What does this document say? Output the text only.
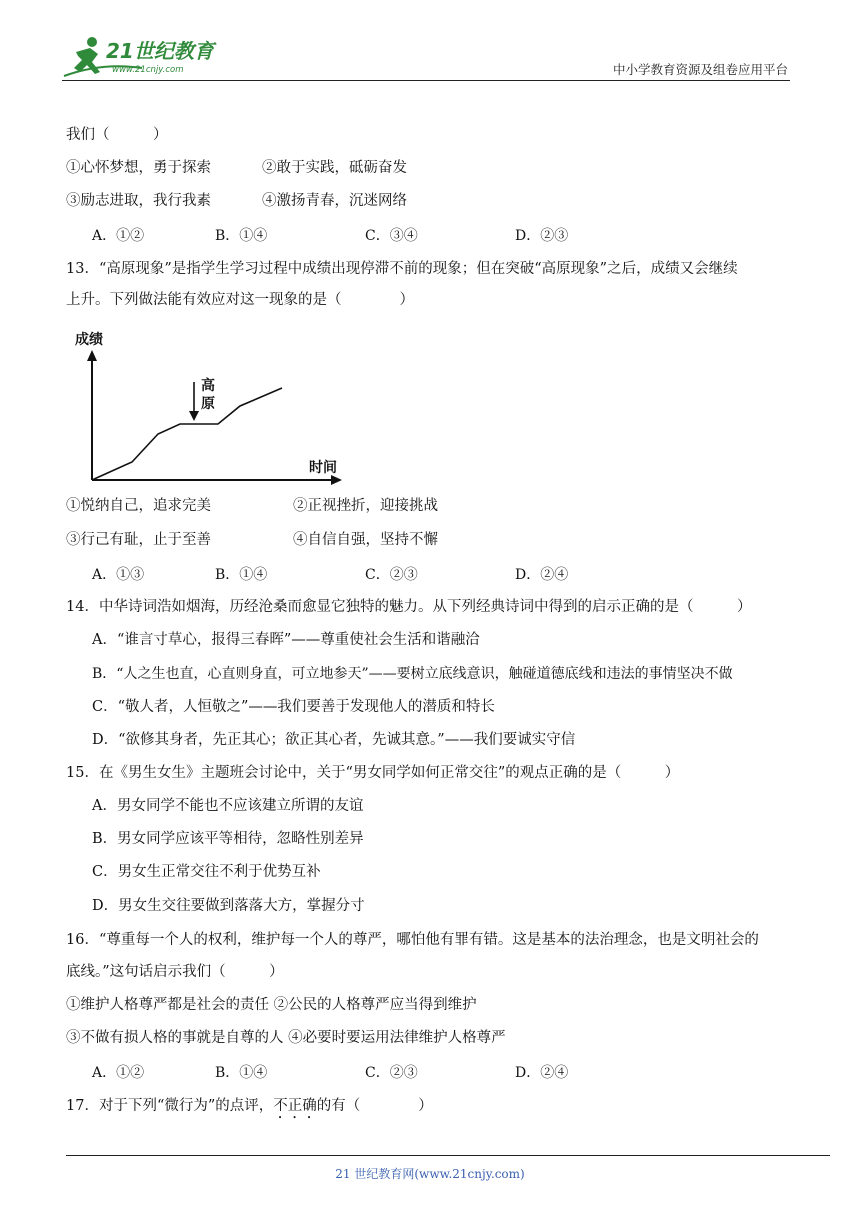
21世纪教育
www.21cnjy.com	中小学教育资源及组卷应用平台
我们（　　　）
①心怀梦想，勇于探索	②敢于实践，砥砺奋发
③励志进取，我行我素	④激扬青春，沉迷网络
A．①②	B．①④	C．③④	D．②③
13．“高原现象”是指学生学习过程中成绩出现停滞不前的现象；但在突破“高原现象”之后，成绩又会继续
上升。下列做法能有效应对这一现象的是（　　　　）
成绩
时间
高
原
①悦纳自己，追求完美	②正视挫折，迎接挑战
③行己有耻，止于至善	④自信自强，坚持不懈
A．①③	B．①④	C．②③	D．②④
14．中华诗词浩如烟海，历经沧桑而愈显它独特的魅力。从下列经典诗词中得到的启示正确的是（　　　）
A．“谁言寸草心，报得三春晖”——尊重使社会生活和谐融洽
B．“人之生也直，心直则身直，可立地参天”——要树立底线意识，触碰道德底线和违法的事情坚决不做
C．“敬人者，人恒敬之”——我们要善于发现他人的潜质和特长
D．“欲修其身者，先正其心；欲正其心者，先诚其意。”——我们要诚实守信
15．在《男生女生》主题班会讨论中，关于“男女同学如何正常交往”的观点正确的是（　　　）
A．男女同学不能也不应该建立所谓的友谊
B．男女同学应该平等相待，忽略性别差异
C．男女生正常交往不利于优势互补
D．男女生交往要做到落落大方，掌握分寸
16．“尊重每一个人的权利，维护每一个人的尊严，哪怕他有罪有错。这是基本的法治理念，也是文明社会的
底线。”这句话启示我们（　　　）
①维护人格尊严都是社会的责任 ②公民的人格尊严应当得到维护
③不做有损人格的事就是自尊的人 ④必要时要运用法律维护人格尊严
A．①②	B．①④	C．②③	D．②④
17．对于下列“微行为”的点评，不正确的有（　　　　）
21 世纪教育网(www.21cnjy.com)
